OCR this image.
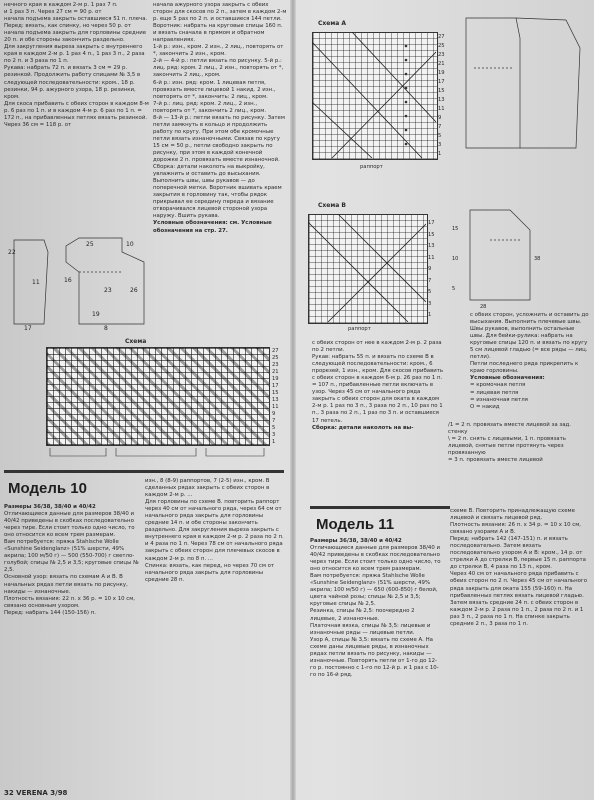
нечного края в каждом 2-м р. 1 раз 7 п.

и 1 раз 3 п. Через 27 см = 90 р. от

начала подъема закрыть оставшиеся 51 п. плеча.

Перед: вязать, как спинку, но через 50 р. от начала подъема закрыть для горловины средние 20 п. и обе стороны закончить раздельно.

Для закругления выреза закрыть с внутреннего края в каждом 2-м р. 1 раз 4 п., 1 раз 3 п., 2 раза по 2 п. и 3 раза по 1 п.

Рукава: набрать 72 п. и вязать 3 см = 29 р. резинкой. Продолжить работу спицами № 3,5 в следующей последовательности: кром., 18 р. резинки, 94 р. ажурного узора, 18 р. резинки, кром.

Для скоса прибавить с обеих сторон в каждом 8-м р. 6 раз по 1 п. и в каждом 4-м р. 6 раз по 1 п. = 172 п., на прибавленных петлях вязать резинкой. Через 36 см = 118 р. от

22
11	16
25	10
26
23
19
17	8

начала ажурного узора закрыть с обеих сторон для скосов по 2 п., затем в каждом 2-м р. еще 5 раз по 2 п. и оставшиеся 144 петли.

Воротник: набрать на круговые спицы 160 п. и вязать сначала в прямом и обратном направлениях.

1-й р.: изн., кром. 2 изн., 2 лиц., повторять от *, закончить 2 изн., кром.

2-й — 4-й р.: петли вязать по рисунку. 5-й р.: лиц. ряд: кром. 2 лиц., 2 изн., повторять от *, закончить 2 лиц., кром.

6-й р.: изн. ряд: кром. 1 лицевая петля, провязать вместе лицевой 1 накид. 2 изн., повторять от *, закончить: 2 лиц., кром.

7-й р.: лиц. ряд: кром. 2 лиц., 2 изн., повторять от *, закончить 2 лиц., кром.

8-й — 13-й р.: петли вязать по рисунку. Затем петли замкнуть в кольцо и продолжить работу по кругу. При этом обе кромочные петли вязать изнаночными. Связав по кругу 15 см = 50 р., петли свободно закрыть по рисунку, при этом в каждой конечной дорожке 2 п. провязать вместе изнаночной.

Сборка: детали наколоть на выкройку, увлажнить и оставить до высыхания. Выполнить швы, швы рукавов — до поперечной метки. Воротник вшивать краем закрытия в горловину так, чтобы рядок прикрывал ее середину переда и вязание отворачивался лицевой стороной узора наружу. Вшить рукава.

Условные обозначения: см. Условные обозначения на стр. 27.

Схема
27
25
23
21
19
17
15
13
11
9
7
5
3
1
Схема А
27
25
23
21
19
17
15
13
11
9
7
5
3
1
раппорт
Схема В
17
15
13
11
9
7
5
3
1
раппорт
15
10
5
38
28

с обеих сторон, усложнить и оставить до высыхания. Выполнить плечевые швы. Швы рукавов, выполнить остальные швы. Для бейки-рулика: набрать на круговые спицы 120 п. и вязать по кругу 5 см лицевой гладью (= все ряды — лиц. петли).

Петли последнего ряда прикрепить к краю горловины.

Условные обозначения:

= кромочная петля

= лицевая петля

= изнаночная петля

О = накид

/1 = 2 п. провязать вместе лицевой за зад. стенку

\ = 2 п. снять с лицевыми, 1 п. провязать лицевой, снятые петли протянуть через провязанную

= 3 п. провязать вместе лицевой

с обеих сторон от нее в каждом 2-м р. 2 раза по 2 петли.

Рукав: набрать 55 п. и вязать по схеме В в следующей последовательности: кром., 6 прорезей, 1 изн., кром. Для скосов прибавить с обеих сторон в каждом 6-м р. 26 раз по 1 п. = 107 п., прибавленные петли включать в узор. Через 45 см от начального ряда закрыть с обеих сторон для оката в каждом 2-м р. 1 раз по 3 п., 3 раза по 2 п., 10 раз по 1 п., 3 раза по 2 п., 1 раз по 3 п. и оставшиеся 17 петель.

Сборка: детали наколоть на вы-

Модель 10

Размеры 36/38, 38/40 и 40/42

Отличающиеся данные для размеров 38/40 и 40/42 приведены в скобках последовательно через тире. Если стоит только одно число, то оно относится ко всем трем размерам.

Вам потребуется: пряжа Stahlsche Wolle «Sunshine Seidenglanz» (51% шерсти, 49% акрила; 100 м/50 г) — 500 (550-700) г светло-голубой; спицы № 2,5 и 3,5; круговые спицы № 2,5.

Основной узор: вязать по схемам А и В. В начальных рядах петли вязать по рисунку, накиды — изнаночные.

Плотность вязания: 22 п. х 36 р. = 10 х 10 см, связано основным узором.

Перед: набрать 144 (150-156) п.

изн., 8 (8-9) раппортов, 7 (2-5) изн., кром. В сделанных рядах закрыть с обеих сторон в каждом 2-м р. ...

Для горловины по схеме В. повторить раппорт через 40 см от начального ряда, через 64 см от начального ряда закрыть для горловины средние 14 п. и обе стороны закончить раздельно. Для закругления выреза закрыть с внутреннего края в каждом 2-м р. 2 раза по 2 п. и 4 раза по 1 п. Через 78 см от начального ряда закрыть с обеих сторон для плечевых скосов в каждом 2-м р. по 8 п. ...

Спинка: вязать, как перед, но через 70 см от начального ряда закрыть для горловины средние 28 п.

Модель 11

Размеры 36/38, 38/40 и 40/42

Отличающиеся данные для размеров 38/40 и 40/42 приведены в скобках последовательно через тире. Если стоит только одно число, то оно относится ко всем трем размерам.

Вам потребуется: пряжа Stahlsche Wolle «Sunshine Seidenglanz» (51% шерсти, 49% акрила; 100 м/50 г) — 650 (600-850) г белой, цвета чайной розы; спицы № 2,5 и 3,5; круговые спицы № 2,5.

Резинка, спицы № 2,5: поочередно 2 лицевые, 2 изнаночные.

Платочная вязка, спицы № 3,5: лицевые и изнаночные ряды — лицевые петли.

Узор А, спицы № 3,5: вязать по схеме А. На схеме даны лицевые ряды, в изнаночных рядах петли вязать по рисунку, накиды — изнаночные. Повторять петли от 1-го до 12-го р. постоянно с 1-го по 12-й р. и 1 раз с 10-го по 16-й ряд.

схеме В. Повторить принадлежащую схеме лицевой и связать лицевой ряд.

Плотность вязания: 26 п. х 34 р. = 10 х 10 см, связано узорами А и В.

Перед: набрать 142 (147-151) п. и вязать последовательно. Затем вязать последовательно узором А и В: кром., 14 р. от стрелки А до стрелки В, первые 15 п. раппорта до стрелки В, 4 раза по 13 п., кром.

Через 40 см от начального ряда прибавить с обеих сторон по 2 п. Через 45 см от начального ряда закрыть для оката 155 (59-160) п. На прибавленных петлях вязать лицевой гладью. Затем вязать средние 24 п. с обеих сторон в каждом 2-м р. 2 раза по 1 п., 2 раза по 2 п. и 1 раз 3 п., 2 раза по 1 п. На спинке закрыть средние 2 п., 3 раза по 1 п.

32 VERENA 3/98
